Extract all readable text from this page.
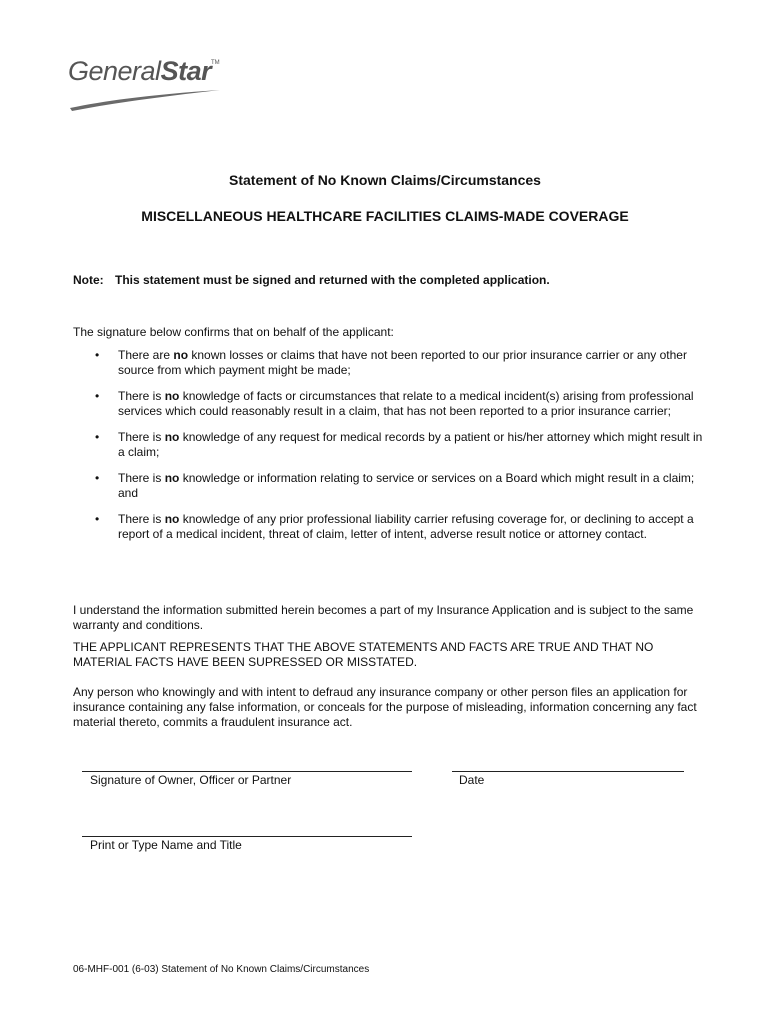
GeneralStar TM
Statement of No Known Claims/Circumstances
MISCELLANEOUS HEALTHCARE FACILITIES CLAIMS-MADE COVERAGE
Note: This statement must be signed and returned with the completed application.
The signature below confirms that on behalf of the applicant:
• There are no known losses or claims that have not been reported to our prior insurance carrier or any other source from which payment might be made;
• There is no knowledge of facts or circumstances that relate to a medical incident(s) arising from professional services which could reasonably result in a claim, that has not been reported to a prior insurance carrier;
• There is no knowledge of any request for medical records by a patient or his/her attorney which might result in a claim;
• There is no knowledge or information relating to service or services on a Board which might result in a claim; and
• There is no knowledge of any prior professional liability carrier refusing coverage for, or declining to accept a report of a medical incident, threat of claim, letter of intent, adverse result notice or attorney contact.
I understand the information submitted herein becomes a part of my Insurance Application and is subject to the same warranty and conditions.
THE APPLICANT REPRESENTS THAT THE ABOVE STATEMENTS AND FACTS ARE TRUE AND THAT NO MATERIAL FACTS HAVE BEEN SUPRESSED OR MISSTATED.
Any person who knowingly and with intent to defraud any insurance company or other person files an application for insurance containing any false information, or conceals for the purpose of misleading, information concerning any fact material thereto, commits a fraudulent insurance act.
Signature of Owner, Officer or Partner	Date
Print or Type Name and Title
06-MHF-001 (6-03) Statement of No Known Claims/Circumstances
